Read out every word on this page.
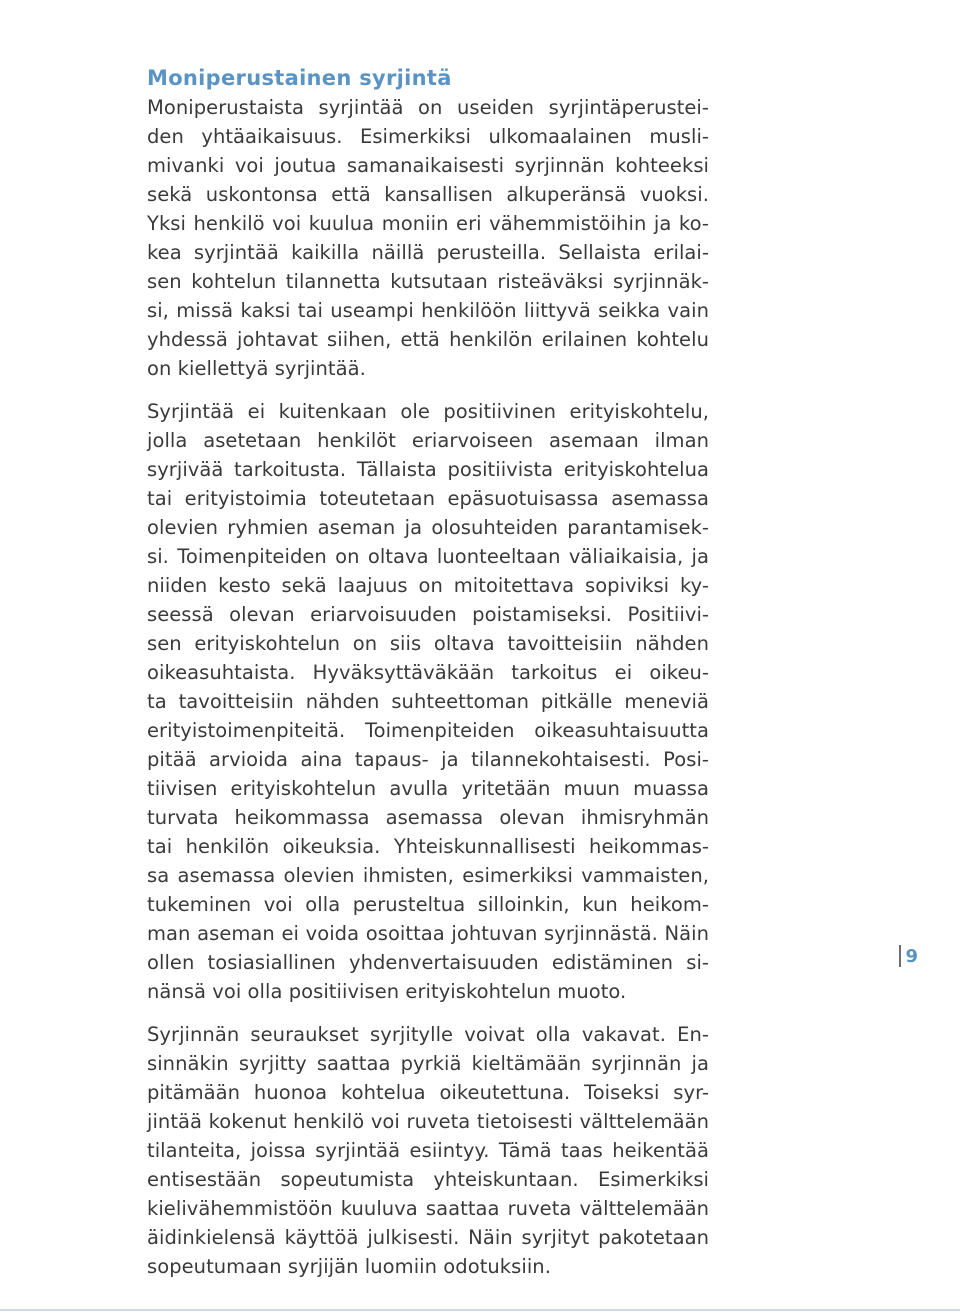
Moniperustainen syrjintä

Moniperustaista syrjintää on useiden syrjintäperustei-
den yhtäaikaisuus. Esimerkiksi ulkomaalainen musli-
mivanki voi joutua samanaikaisesti syrjinnän kohteeksi
sekä uskontonsa että kansallisen alkuperänsä vuoksi.
Yksi henkilö voi kuulua moniin eri vähemmistöihin ja ko-
kea syrjintää kaikilla näillä perusteilla. Sellaista erilai-
sen kohtelun tilannetta kutsutaan risteäväksi syrjinnäk-
si, missä kaksi tai useampi henkilöön liittyvä seikka vain
yhdessä johtavat siihen, että henkilön erilainen kohtelu
on kiellettyä syrjintää.

Syrjintää ei kuitenkaan ole positiivinen erityiskohtelu,
jolla asetetaan henkilöt eriarvoiseen asemaan ilman
syrjivää tarkoitusta. Tällaista positiivista erityiskohtelua
tai erityistoimia toteutetaan epäsuotuisassa asemassa
olevien ryhmien aseman ja olosuhteiden parantamisek-
si. Toimenpiteiden on oltava luonteeltaan väliaikaisia, ja
niiden kesto sekä laajuus on mitoitettava sopiviksi ky-
seessä olevan eriarvoisuuden poistamiseksi. Positiivi-
sen erityiskohtelun on siis oltava tavoitteisiin nähden
oikeasuhtaista. Hyväksyttäväkään tarkoitus ei oikeu-
ta tavoitteisiin nähden suhteettoman pitkälle meneviä
erityistoimenpiteitä. Toimenpiteiden oikeasuhtaisuutta
pitää arvioida aina tapaus- ja tilannekohtaisesti. Posi-
tiivisen erityiskohtelun avulla yritetään muun muassa
turvata heikommassa asemassa olevan ihmisryhmän
tai henkilön oikeuksia. Yhteiskunnallisesti heikommas-
sa asemassa olevien ihmisten, esimerkiksi vammaisten,
tukeminen voi olla perusteltua silloinkin, kun heikom-
man aseman ei voida osoittaa johtuvan syrjinnästä. Näin
ollen tosiasiallinen yhdenvertaisuuden edistäminen si-
nänsä voi olla positiivisen erityiskohtelun muoto.

Syrjinnän seuraukset syrjitylle voivat olla vakavat. En-
sinnäkin syrjitty saattaa pyrkiä kieltämään syrjinnän ja
pitämään huonoa kohtelua oikeutettuna. Toiseksi syr-
jintää kokenut henkilö voi ruveta tietoisesti välttelemään
tilanteita, joissa syrjintää esiintyy. Tämä taas heikentää
entisestään sopeutumista yhteiskuntaan. Esimerkiksi
kielivähemmistöön kuuluva saattaa ruveta välttelemään
äidinkielensä käyttöä julkisesti. Näin syrjityt pakotetaan
sopeutumaan syrjijän luomiin odotuksiin.

9
